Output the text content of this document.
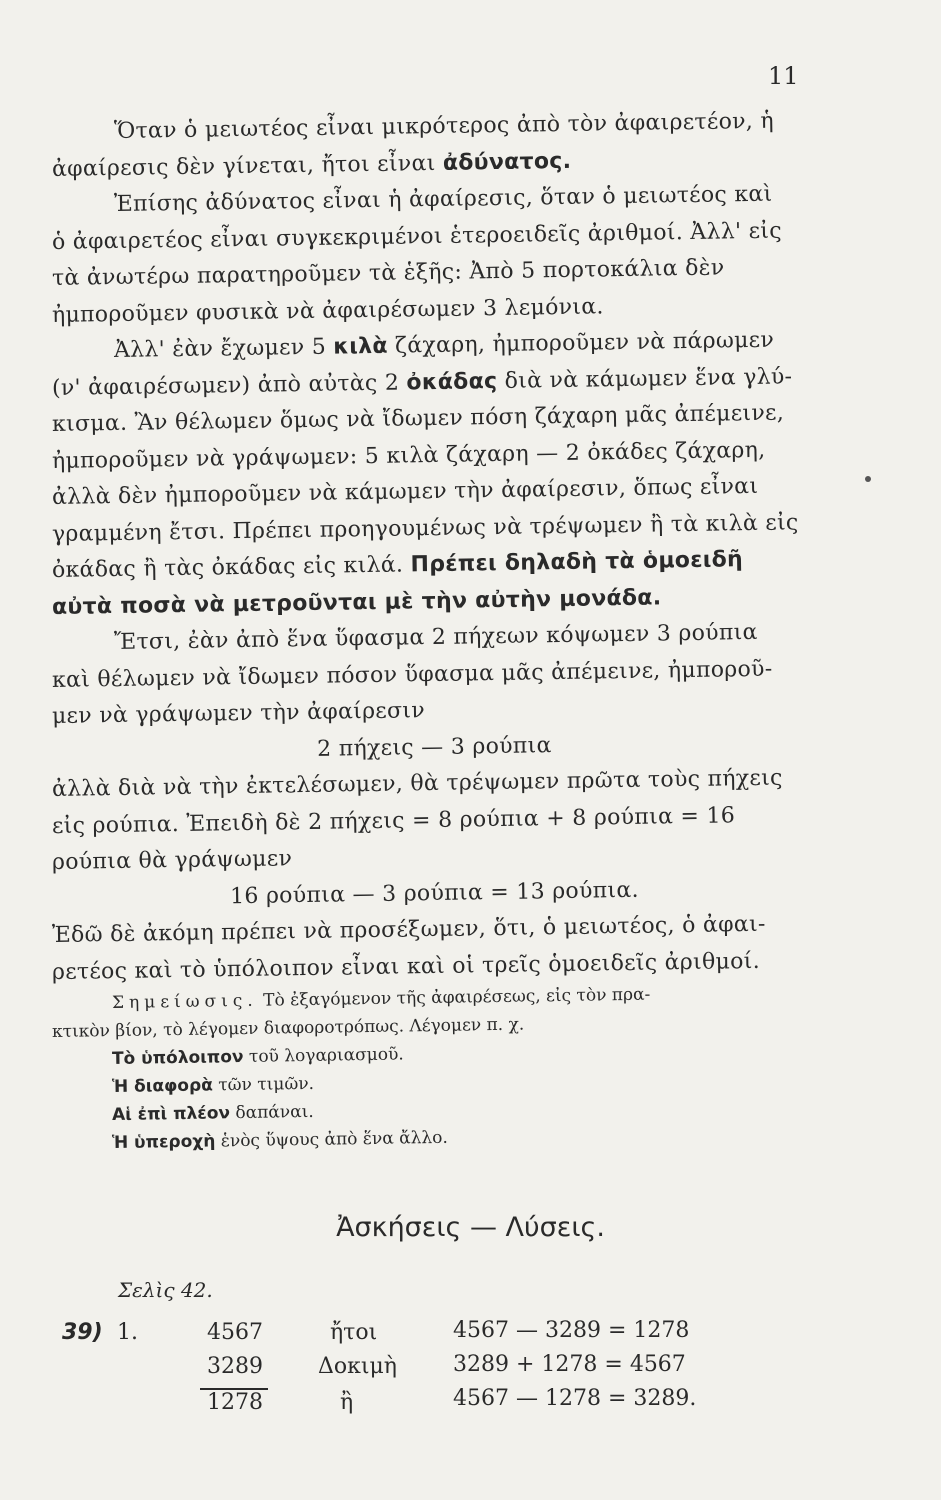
11
Ὅταν ὁ μειωτέος εἶναι μικρότερος ἀπὸ τὸν ἀφαιρετέον, ἡ
ἀφαίρεσις δὲν γίνεται, ἤτοι εἶναι ἀδύνατος.
Ἐπίσης ἀδύνατος εἶναι ἡ ἀφαίρεσις, ὅταν ὁ μειωτέος καὶ
ὁ ἀφαιρετέος εἶναι συγκεκριμένοι ἑτεροειδεῖς ἀριθμοί. Ἀλλ' εἰς
τὰ ἀνωτέρω παρατηροῦμεν τὰ ἑξῆς: Ἀπὸ 5 πορτοκάλια δὲν
ἠμποροῦμεν φυσικὰ νὰ ἀφαιρέσωμεν 3 λεμόνια.
Ἀλλ' ἐὰν ἔχωμεν 5 κιλὰ ζάχαρη, ἠμποροῦμεν νὰ πάρωμεν
(ν' ἀφαιρέσωμεν) ἀπὸ αὐτὰς 2 ὀκάδας διὰ νὰ κάμωμεν ἕνα γλύ-
κισμα. Ἂν θέλωμεν ὅμως νὰ ἴδωμεν πόση ζάχαρη μᾶς ἀπέμεινε,
ἠμποροῦμεν νὰ γράψωμεν: 5 κιλὰ ζάχαρη — 2 ὀκάδες ζάχαρη,
ἀλλὰ δὲν ἠμποροῦμεν νὰ κάμωμεν τὴν ἀφαίρεσιν, ὅπως εἶναι
γραμμένη ἔτσι. Πρέπει προηγουμένως νὰ τρέψωμεν ἢ τὰ κιλὰ εἰς
ὀκάδας ἢ τὰς ὀκάδας εἰς κιλά. Πρέπει δηλαδὴ τὰ ὁμοειδῆ
αὐτὰ ποσὰ νὰ μετροῦνται μὲ τὴν αὐτὴν μονάδα.
Ἔτσι, ἐὰν ἀπὸ ἕνα ὕφασμα 2 πήχεων κόψωμεν 3 ρούπια
καὶ θέλωμεν νὰ ἴδωμεν πόσον ὕφασμα μᾶς ἀπέμεινε, ἠμποροῦ-
μεν νὰ γράψωμεν τὴν ἀφαίρεσιν
2 πήχεις — 3 ρούπια
ἀλλὰ διὰ νὰ τὴν ἐκτελέσωμεν, θὰ τρέψωμεν πρῶτα τοὺς πήχεις
εἰς ρούπια. Ἐπειδὴ δὲ 2 πήχεις = 8 ρούπια + 8 ρούπια = 16
ρούπια θὰ γράψωμεν
16 ρούπια — 3 ρούπια = 13 ρούπια.
Ἐδῶ δὲ ἀκόμη πρέπει νὰ προσέξωμεν, ὅτι, ὁ μειωτέος, ὁ ἀφαι-
ρετέος καὶ τὸ ὑπόλοιπον εἶναι καὶ οἱ τρεῖς ὁμοειδεῖς ἀριθμοί.
Σημείωσις. Τὸ ἐξαγόμενον τῆς ἀφαιρέσεως, εἰς τὸν πρα-
κτικὸν βίον, τὸ λέγομεν διαφοροτρόπως. Λέγομεν π. χ.
Τὸ ὑπόλοιπον τοῦ λογαριασμοῦ.
Ἡ διαφορὰ τῶν τιμῶν.
Αἱ ἐπὶ πλέον δαπάναι.
Ἡ ὑπεροχὴ ἑνὸς ὕψους ἀπὸ ἕνα ἄλλο.
Ἀσκήσεις — Λύσεις.
Σελὶς 42.
39) 1.	4567
3289
1278
ἤτοι
Δοκιμὴ
ἢ
4567 — 3289 = 1278
3289 + 1278 = 4567
4567 — 1278 = 3289.
